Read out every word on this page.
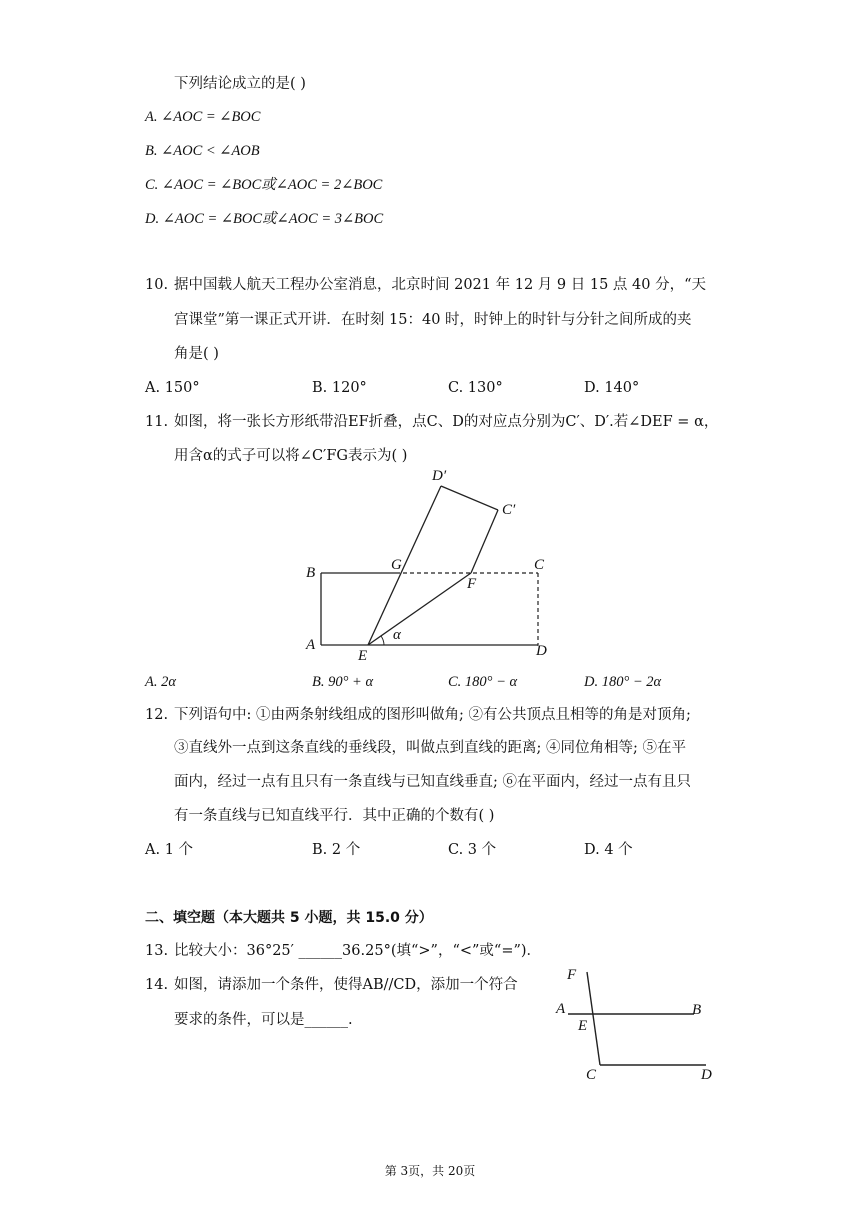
下列结论成立的是( )
A. ∠AOC = ∠BOC
B. ∠AOC < ∠AOB
C. ∠AOC = ∠BOC或∠AOC = 2∠BOC
D. ∠AOC = ∠BOC或∠AOC = 3∠BOC
10. 据中国载人航天工程办公室消息，北京时间 2021 年 12 月 9 日 15 点 40 分，“天
宫课堂”第一课正式开讲．在时刻 15：40 时，时钟上的时针与分针之间所成的夹
角是( )
A. 150°	B. 120°	C. 130°	D. 140°
11. 如图，将一张长方形纸带沿EF折叠，点C、D的对应点分别为C′、D′.若∠DEF = α，
用含α的式子可以将∠C′FG表示为( )
D′
C′
B	G
F
C
A
E	D
α
A. 2α	B. 90° + α	C. 180° − α	D. 180° − 2α
12. 下列语句中: ①由两条射线组成的图形叫做角; ②有公共顶点且相等的角是对顶角;
③直线外一点到这条直线的垂线段，叫做点到直线的距离; ④同位角相等; ⑤在平
面内，经过一点有且只有一条直线与已知直线垂直; ⑥在平面内，经过一点有且只
有一条直线与已知直线平行．其中正确的个数有( )
A. 1 个	B. 2 个	C. 3 个	D. 4 个
二、填空题（本大题共 5 小题，共 15.0 分）
13. 比较大小：36°25′ ______36.25°(填“>”，“<”或“=”)．
14. 如图，请添加一个条件，使得AB//CD，添加一个符合
要求的条件，可以是______.
F
A	B
E
C	D
第 3页，共 20页
